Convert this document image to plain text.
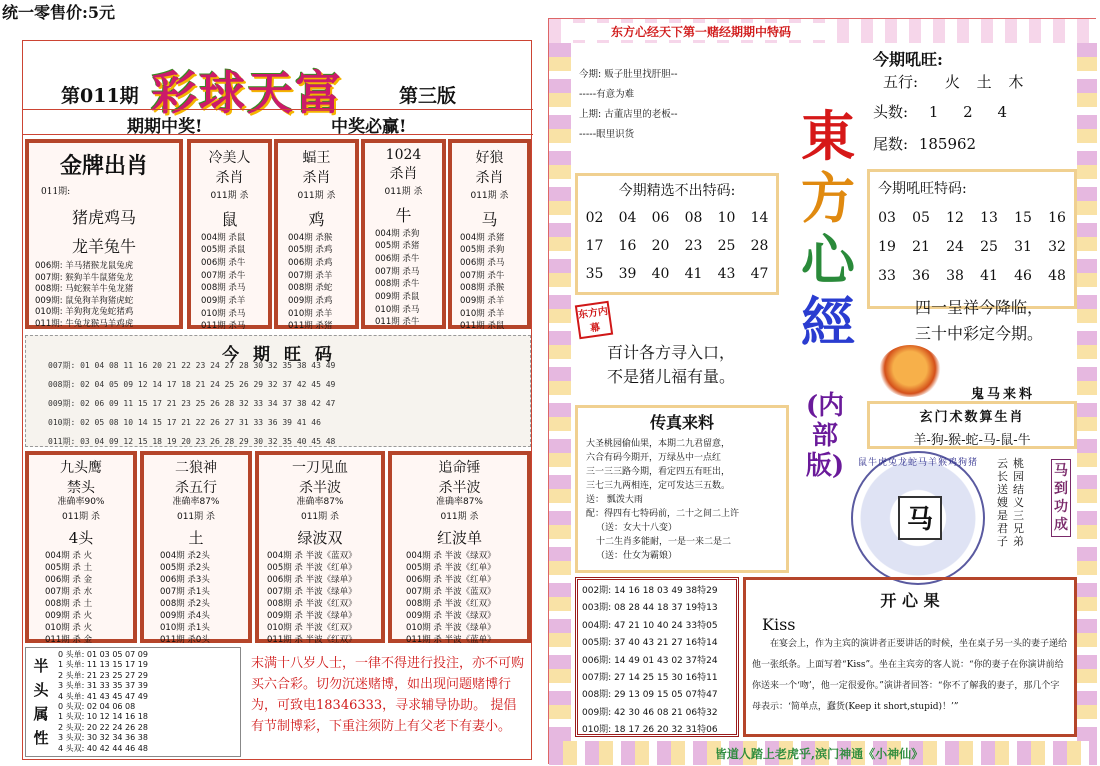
统一零售价:5元
第011期 彩球天富	第三版
期期中奖!	中奖必赢!
金牌出肖
011期:
猪虎鸡马
龙羊兔牛
006期: 羊马猪猴龙鼠兔虎
007期: 猴狗羊牛鼠猪兔龙
008期: 马蛇猴羊牛兔龙猪
009期: 鼠兔狗羊狗猪虎蛇
010期: 羊狗狗龙兔蛇猪鸡
011期: 牛兔龙猴马羊鸡虎
冷美人
杀肖
011期 杀
鼠
004期 杀鼠
005期 杀鼠
006期 杀牛
007期 杀牛
008期 杀马
009期 杀羊
010期 杀马
011期 杀马
蝠王
杀肖
011期 杀
鸡
004期 杀猴
005期 杀鸡
006期 杀鸡
007期 杀羊
008期 杀蛇
009期 杀鸡
010期 杀羊
011期 杀猪
1024
杀肖
011期 杀
牛
004期 杀狗
005期 杀猪
006期 杀牛
007期 杀马
008期 杀牛
009期 杀鼠
010期 杀马
011期 杀牛
好狼
杀肖
011期 杀
马
004期 杀猪
005期 杀狗
006期 杀马
007期 杀牛
008期 杀猴
009期 杀羊
010期 杀羊
011期 杀鼠
今 期 旺 码
007期: 01 04 08 11 16 20 21 22 23 24 27 28 30 32 35 38 43 49
008期: 02 04 05 09 12 14 17 18 21 24 25 26 29 32 37 42 45 49
009期: 02 06 09 11 15 17 21 23 25 26 28 32 33 34 37 38 42 47
010期: 02 05 08 10 14 15 17 21 22 26 27 31 33 36 39 41 46
011期: 03 04 09 12 15 18 19 20 23 26 28 29 30 32 35 40 45 48
九头鹰
禁头
准确率90%
011期 杀
4头
004期 杀 火
005期 杀 土
006期 杀 金
007期 杀 水
008期 杀 土
009期 杀 火
010期 杀 火
011期 杀 金
二狼神
杀五行
准确率87%
011期 杀
土
004期 杀2头
005期 杀2头
006期 杀3头
007期 杀1头
008期 杀2头
009期 杀4头
010期 杀1头
011期 杀0头
一刀见血
杀半波
准确率87%
011期 杀
绿波双
004期 杀 半波《蓝双》
005期 杀 半波《红单》
006期 杀 半波《绿单》
007期 杀 半波《绿单》
008期 杀 半波《红双》
009期 杀 半波《绿单》
010期 杀 半波《红双》
011期 杀 半波《红双》
追命锤
杀半波
准确率87%
011期 杀
红波单
004期 杀 半波《绿双》
005期 杀 半波《红单》
006期 杀 半波《红单》
007期 杀 半波《蓝双》
008期 杀 半波《红双》
009期 杀 半波《绿双》
010期 杀 半波《绿单》
011期 杀 半波《蓝单》
半
头
属
性
0 头单: 01 03 05 07 09
1 头单: 11 13 15 17 19
2 头单: 21 23 25 27 29
3 头单: 31 33 35 37 39
4 头单: 41 43 45 47 49
0 头双: 02 04 06 08
1 头双: 10 12 14 16 18
2 头双: 20 22 24 26 28
3 头双: 30 32 34 36 38
4 头双: 40 42 44 46 48
末满十八岁人士，一律不得进行投注，亦不可购买六合彩。切勿沉迷赌博，如出现问题赌博行为，可致电18346333，寻求辅导协助。 提倡有节制博彩，下重注须防上有父老下有妻小。
东方心经天下第一赌经期期中特码
皆道人踏上老虎乎,滨门神通《小神仙》
今期: 贩子肚里找肝胆--
-----有意为难
上期: 古董店里的老板--
-----眼里识货	東
方
心
經
(内部版)
今期吼旺:
五行: 火 土 木
头数: 1 2 4
尾数: 185962
今期精选不出特码:
02	04	06	08	10	14
17	16	20	23	25	28
35	39	40	41	43	47
今期吼旺特码:
03	05	12	13	15	16
19	21	24	25	31	32
33	36	38	41	46	48
东方内幕
百计各方寻入口，
不是猪儿福有量。
四一呈祥今降临，
三十中彩定今期。
鬼马来料
玄门术数算生肖
羊-狗-猴-蛇-马-鼠-牛
传真来料
大圣桃园偷仙果，本期二九君留意，
六合有码今期开，万绿丛中一点红
三一三三路今期，看定四五有旺出，
三七三九两相连，定可发达三五数。
送： 瓢泼大雨
配：得四有七特码前，二十之间二上许
（送：女大十八变）
十二生肖多能耐，一是一来二是二
（送：仕女为霸娘）
马
鼠牛虎兔龙蛇马羊猴鸡狗猪	桃园结义三兄弟
云长送嫂是君子
马到功成
002期: 14 16 18 03 49 38特29
003期: 08 28 44 18 37 19特13
004期: 47 21 10 40 24 33特05
005期: 37 40 43 21 27 16特14
006期: 14 49 01 43 02 37特24
007期: 27 14 25 15 30 16特11
008期: 29 13 09 15 05 07特47
009期: 42 30 46 08 21 06特32
010期: 18 17 26 20 32 31特06
开 心 果
Kiss
在宴会上，作为主宾的演讲者正要讲话的时候，坐在桌子另一头的妻子递给他一张纸条。上面写着“Kiss”。坐在主宾旁的客人说：“你的妻子在你演讲前给你送来一个‘吻’，他一定很爱你。”演讲者回答：“你不了解我的妻子，那几个字母表示：‘简单点，蠢货(Keep it short,stupid)！’”
